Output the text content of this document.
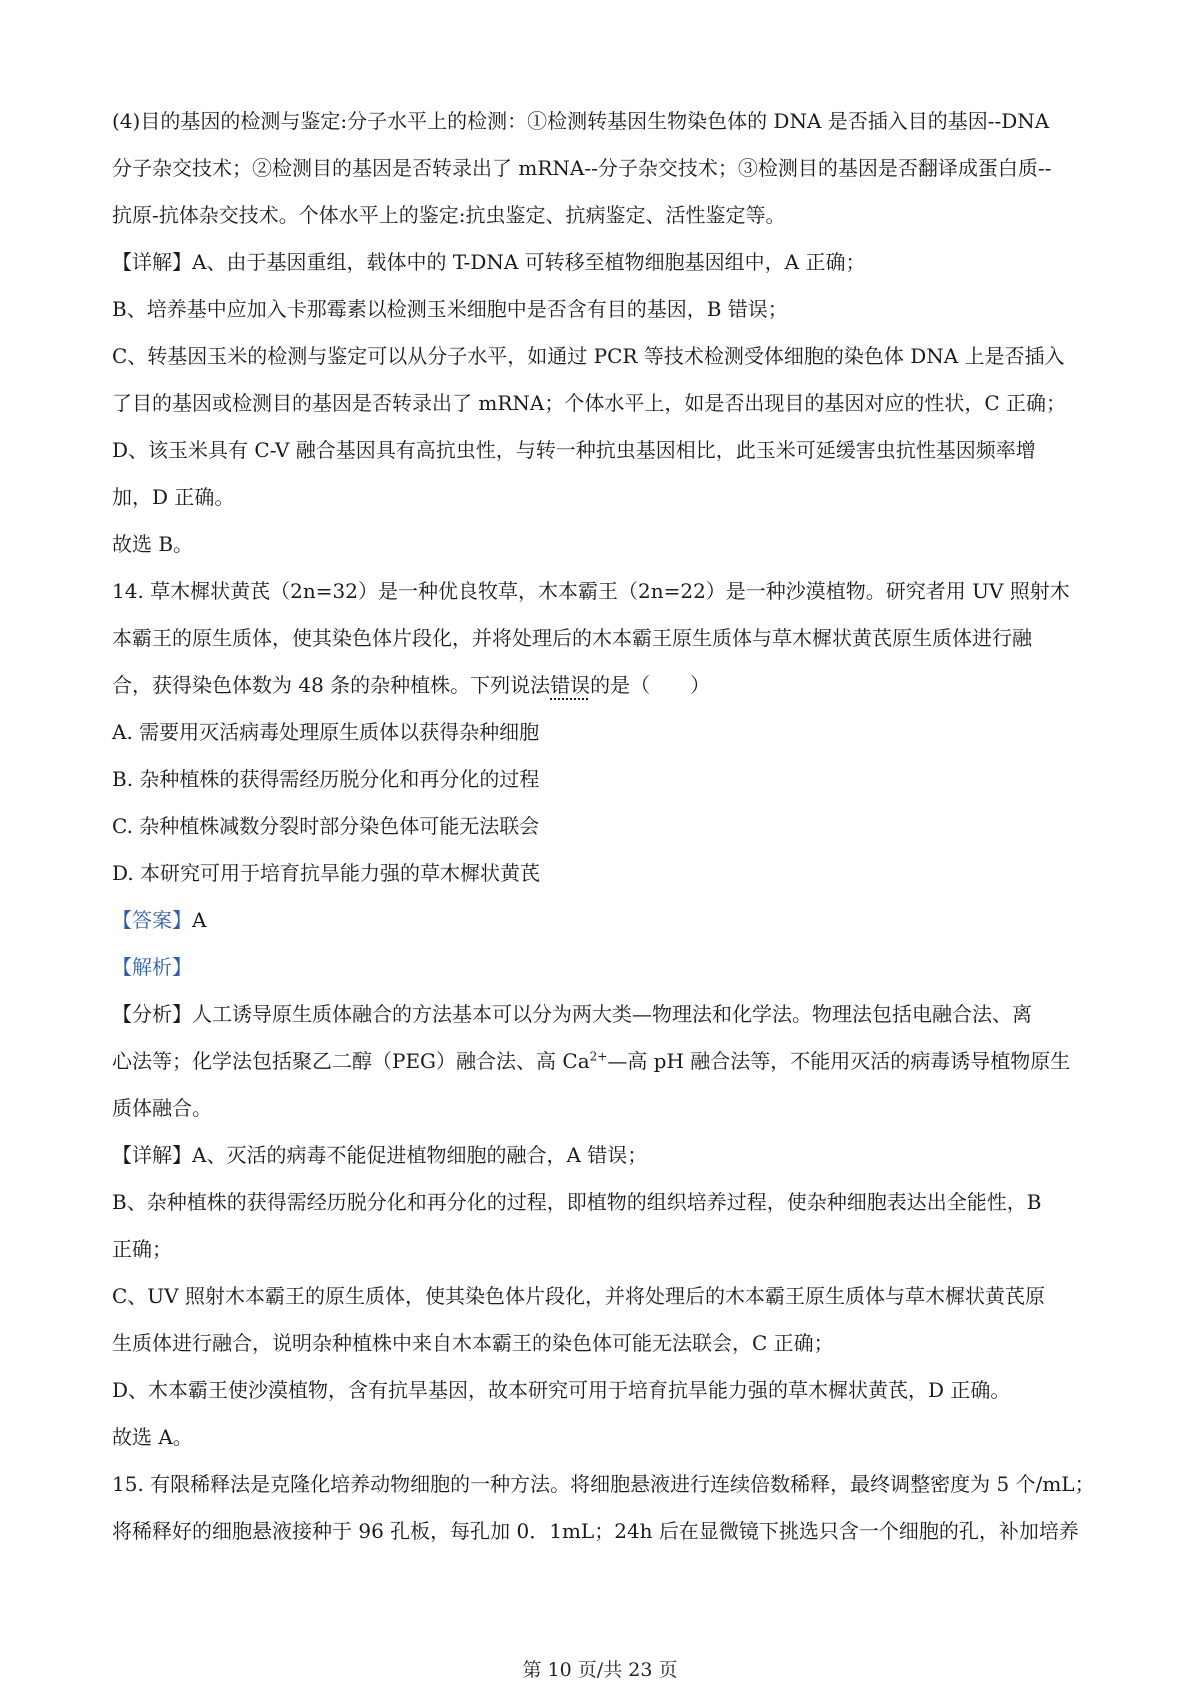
(4)目的基因的检测与鉴定:分子水平上的检测：①检测转基因生物染色体的 DNA 是否插入目的基因--DNA
分子杂交技术；②检测目的基因是否转录出了 mRNA--分子杂交技术；③检测目的基因是否翻译成蛋白质--
抗原-抗体杂交技术。个体水平上的鉴定:抗虫鉴定、抗病鉴定、活性鉴定等。
【详解】A、由于基因重组，载体中的 T-DNA 可转移至植物细胞基因组中，A 正确；
B、培养基中应加入卡那霉素以检测玉米细胞中是否含有目的基因，B 错误；
C、转基因玉米的检测与鉴定可以从分子水平，如通过 PCR 等技术检测受体细胞的染色体 DNA 上是否插入
了目的基因或检测目的基因是否转录出了 mRNA；个体水平上，如是否出现目的基因对应的性状，C 正确；
D、该玉米具有 C-V 融合基因具有高抗虫性，与转一种抗虫基因相比，此玉米可延缓害虫抗性基因频率增
加，D 正确。
故选 B。
14. 草木樨状黄芪（2n=32）是一种优良牧草，木本霸王（2n=22）是一种沙漠植物。研究者用 UV 照射木
本霸王的原生质体，使其染色体片段化，并将处理后的木本霸王原生质体与草木樨状黄芪原生质体进行融
合，获得染色体数为 48 条的杂种植株。下列说法错误的是（　　）
A. 需要用灭活病毒处理原生质体以获得杂种细胞
B. 杂种植株的获得需经历脱分化和再分化的过程
C. 杂种植株减数分裂时部分染色体可能无法联会
D. 本研究可用于培育抗旱能力强的草木樨状黄芪
【答案】A
【解析】
【分析】人工诱导原生质体融合的方法基本可以分为两大类—物理法和化学法。物理法包括电融合法、离
心法等；化学法包括聚乙二醇（PEG）融合法、高 $Ca^{2+}—$高 pH 融合法等，不能用灭活的病毒诱导植物原生
质体融合。
【详解】A、灭活的病毒不能促进植物细胞的融合，A 错误；
B、杂种植株的获得需经历脱分化和再分化的过程，即植物的组织培养过程，使杂种细胞表达出全能性，B
正确；
C、UV 照射木本霸王的原生质体，使其染色体片段化，并将处理后的木本霸王原生质体与草木樨状黄芪原
生质体进行融合，说明杂种植株中来自木本霸王的染色体可能无法联会，C 正确；
D、木本霸王使沙漠植物，含有抗旱基因，故本研究可用于培育抗旱能力强的草木樨状黄芪，D 正确。
故选 A。
15. 有限稀释法是克隆化培养动物细胞的一种方法。将细胞悬液进行连续倍数稀释，最终调整密度为 5 个/mL；
将稀释好的细胞悬液接种于 96 孔板，每孔加 0．1mL；24h 后在显微镜下挑选只含一个细胞的孔，补加培养
第 10 页/共 23 页
